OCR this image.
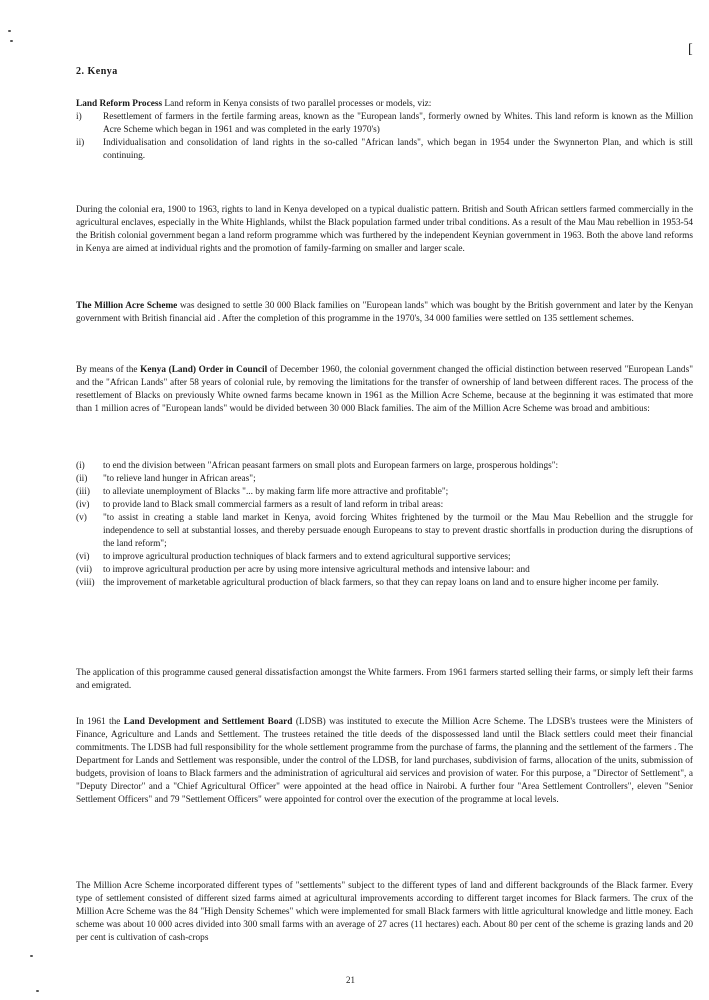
[
2. Kenya

Land Reform Process Land reform in Kenya consists of two parallel processes or models, viz:

i)	Resettlement of farmers in the fertile farming areas, known as the "European lands", formerly owned by Whites. This land reform is known as the Million Acre Scheme which began in 1961 and was completed in the early 1970's)
ii)	Individualisation and consolidation of land rights in the so-called "African lands", which began in 1954 under the Swynnerton Plan, and which is still continuing.

During the colonial era, 1900 to 1963, rights to land in Kenya developed on a typical dualistic pattern. British and South African settlers farmed commercially in the agricultural enclaves, especially in the White Highlands, whilst the Black population farmed under tribal conditions. As a result of the Mau Mau rebellion in 1953-54 the British colonial government began a land reform programme which was furthered by the independent Keynian government in 1963. Both the above land reforms in Kenya are aimed at individual rights and the promotion of family-farming on smaller and larger scale.

The Million Acre Scheme was designed to settle 30 000 Black families on "European lands" which was bought by the British government and later by the Kenyan government with British financial aid . After the completion of this programme in the 1970's, 34 000 families were settled on 135 settlement schemes.

By means of the Kenya (Land) Order in Council of December 1960, the colonial government changed the official distinction between reserved "European Lands" and the "African Lands" after 58 years of colonial rule, by removing the limitations for the transfer of ownership of land between different races. The process of the resettlement of Blacks on previously White owned farms became known in 1961 as the Million Acre Scheme, because at the beginning it was estimated that more than 1 million acres of "European lands" would be divided between 30 000 Black families. The aim of the Million Acre Scheme was broad and ambitious:

(i)	to end the division between "African peasant farmers on small plots and European farmers on large, prosperous holdings":
(ii)	"to relieve land hunger in African areas";
(iii)	to alleviate unemployment of Blacks "... by making farm life more attractive and profitable";
(iv)	to provide land to Black small commercial farmers as a result of land reform in tribal areas:
(v)	"to assist in creating a stable land market in Kenya, avoid forcing Whites frightened by the turmoil or the Mau Mau Rebellion and the struggle for independence to sell at substantial losses, and thereby persuade enough Europeans to stay to prevent drastic shortfalls in production during the disruptions of the land reform";
(vi)	to improve agricultural production techniques of black farmers and to extend agricultural supportive services;
(vii)	to improve agricultural production per acre by using more intensive agricultural methods and intensive labour: and
(viii) the improvement of marketable agricultural production of black farmers, so that they can repay loans on land and to ensure higher income per family.

The application of this programme caused general dissatisfaction amongst the White farmers. From 1961 farmers started selling their farms, or simply left their farms and emigrated.

In 1961 the Land Development and Settlement Board (LDSB) was instituted to execute the Million Acre Scheme. The LDSB's trustees were the Ministers of Finance, Agriculture and Lands and Settlement. The trustees retained the title deeds of the dispossessed land until the Black settlers could meet their financial commitments. The LDSB had full responsibility for the whole settlement programme from the purchase of farms, the planning and the settlement of the farmers . The Department for Lands and Settlement was responsible, under the control of the LDSB, for land purchases, subdivision of farms, allocation of the units, submission of budgets, provision of loans to Black farmers and the administration of agricultural aid services and provision of water. For this purpose, a "Director of Settlement", a "Deputy Director" and a "Chief Agricultural Officer" were appointed at the head office in Nairobi. A further four "Area Settlement Controllers", eleven "Senior Settlement Officers" and 79 "Settlement Officers" were appointed for control over the execution of the programme at local levels.

The Million Acre Scheme incorporated different types of "settlements" subject to the different types of land and different backgrounds of the Black farmer. Every type of settlement consisted of different sized farms aimed at agricultural improvements according to different target incomes for Black farmers. The crux of the Million Acre Scheme was the 84 "High Density Schemes" which were implemented for small Black farmers with little agricultural knowledge and little money. Each scheme was about 10 000 acres divided into 300 small farms with an average of 27 acres (11 hectares) each. About 80 per cent of the scheme is grazing lands and 20 per cent is cultivation of cash-crops

21
